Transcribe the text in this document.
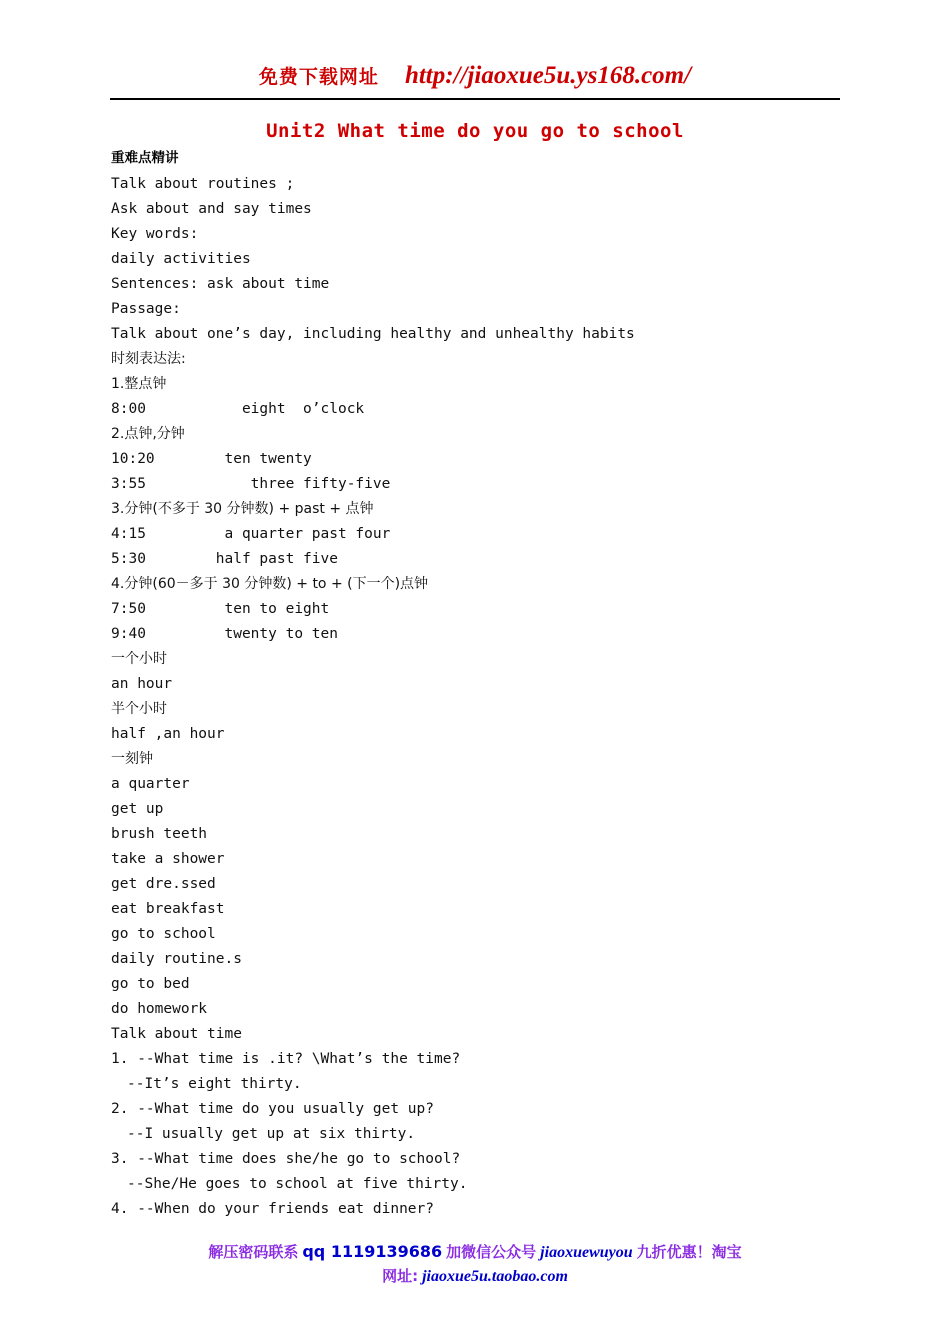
免费下载网址 http://jiaoxue5u.ys168.com/
Unit2 What time do you go to school
重难点精讲
Talk about routines ;
Ask about and say times
Key words:
daily activities
Sentences: ask about time
Passage:
Talk about one’s day, including healthy and unhealthy habits
时刻表达法:
1.整点钟
8:00           eight  o’clock
2.点钟,分钟
10:20        ten twenty
3:55            three fifty-five
3.分钟(不多于 30 分钟数) + past + 点钟
4:15         a quarter past four
5:30        half past five
4.分钟(60－多于 30 分钟数) + to + (下一个)点钟
7:50         ten to eight
9:40         twenty to ten
一个小时
an hour
半个小时
half ,an hour
一刻钟
a quarter
get up
brush teeth
take a shower
get dre.ssed
eat breakfast
go to school
daily routine.s
go to bed
do homework
Talk about time
1. --What time is .it? \What’s the time?
--It’s eight thirty.
2. --What time do you usually get up?
--I usually get up at six thirty.
3. --What time does she/he go to school?
--She/He goes to school at five thirty.
4. --When do your friends eat dinner?
解压密码联系 qq 1119139686 加微信公众号 jiaoxuewuyou 九折优惠！淘宝
网址: jiaoxue5u.taobao.com
